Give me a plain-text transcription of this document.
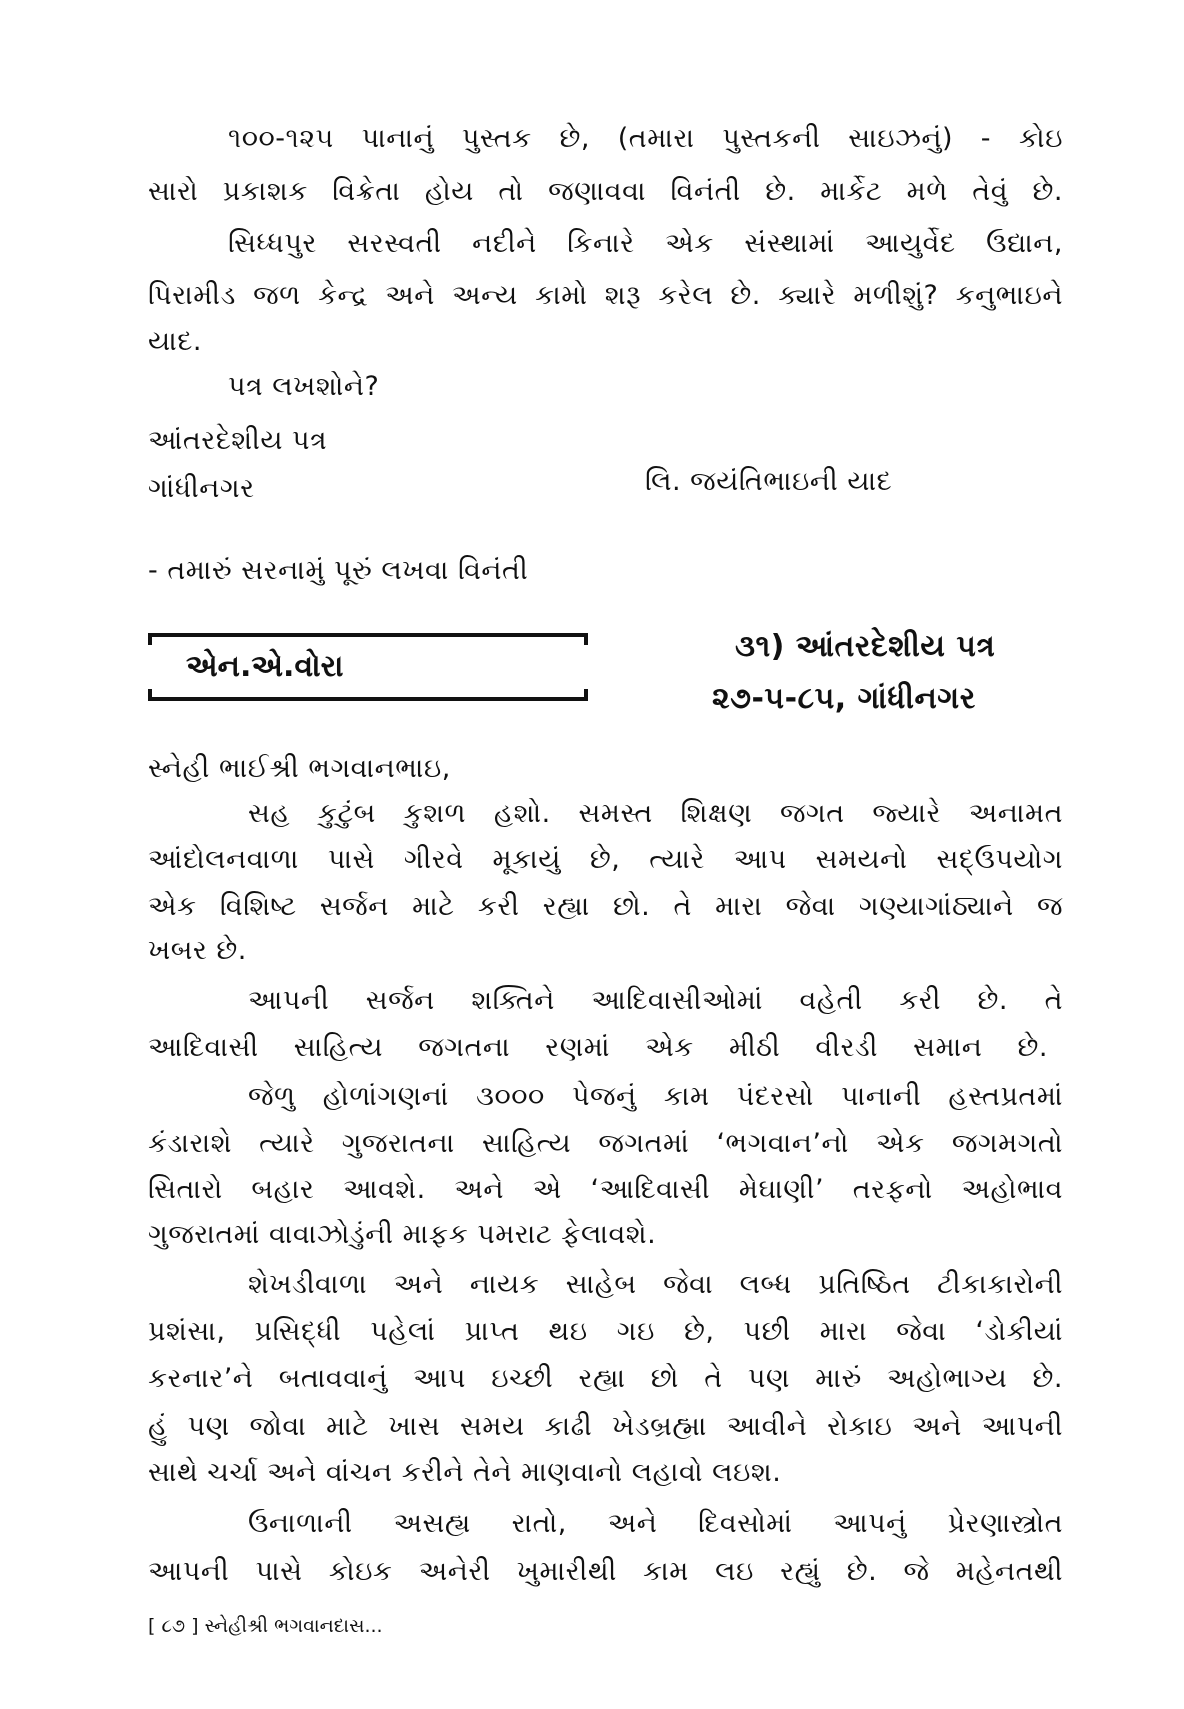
૧૦૦-૧૨૫ પાનાનું પુસ્તક છે, (તમારા પુસ્તકની સાઇઝનું) - કોઇ
સારો પ્રકાશક વિક્રેતા હોય તો જણાવવા વિનંતી છે. માર્કેટ મળે તેવું છે.
સિધ્ધપુર સરસ્વતી નદીને કિનારે એક સંસ્થામાં આયુર્વેદ ઉદ્યાન,
પિરામીડ જળ કેન્દ્ર અને અન્ય કામો શરૂ કરેલ છે. ક્યારે મળીશું? કનુભાઇને
યાદ.
પત્ર લખશોને?
આંતરદેશીય પત્ર
ગાંધીનગર	લિ. જયંતિભાઇની યાદ
- તમારું સરનામું પૂરું લખવા વિનંતી
એન.એ.વોરા
૩૧) આંતરદેશીય પત્ર
૨૭-૫-૮૫, ગાંધીનગર
સ્નેહી ભાઈશ્રી ભગવાનભાઇ,
સહ કુટુંબ કુશળ હશો. સમસ્ત શિક્ષણ જગત જ્યારે અનામત
આંદોલનવાળા પાસે ગીરવે મૂકાયું છે, ત્યારે આપ સમયનો સદ્ઉપયોગ
એક વિશિષ્ટ સર્જન માટે કરી રહ્યા છો. તે મારા જેવા ગણ્યાગાંઠ્યાને જ
ખબર છે.
આપની સર્જન શક્તિને આદિવાસીઓમાં વહેતી કરી છે. તે
આદિવાસી સાહિત્ય જગતના રણમાં એક મીઠી વીરડી સમાન છે.
જેળુ હોળાંગણનાં ૩૦૦૦ પેજનું કામ પંદરસો પાનાની હસ્તપ્રતમાં
કંડારાશે ત્યારે ગુજરાતના સાહિત્ય જગતમાં ‘ભગવાન’નો એક જગમગતો
સિતારો બહાર આવશે. અને એ ‘આદિવાસી મેઘાણી’ તરફનો અહોભાવ
ગુજરાતમાં વાવાઝોડુંની માફક પમરાટ ફેલાવશે.
શેખડીવાળા અને નાયક સાહેબ જેવા લબ્ધ પ્રતિષ્ઠિત ટીકાકારોની
પ્રશંસા, પ્રસિદ્ધી પહેલાં પ્રાપ્ત થઇ ગઇ છે, પછી મારા જેવા ‘ડોકીયાં
કરનાર’ને બતાવવાનું આપ ઇચ્છી રહ્યા છો તે પણ મારું અહોભાગ્ય છે.
હું પણ જોવા માટે ખાસ સમય કાઢી ખેડબ્રહ્મા આવીને રોકાઇ અને આપની
સાથે ચર્ચા અને વાંચન કરીને તેને માણવાનો લહાવો લઇશ.
ઉનાળાની અસહ્ય રાતો, અને દિવસોમાં આપનું પ્રેરણાસ્ત્રોત
આપની પાસે કોઇક અનેરી ખુમારીથી કામ લઇ રહ્યું છે. જે મહેનતથી
[ ૮૭ ] સ્નેહીશ્રી ભગવાનદાસ...
